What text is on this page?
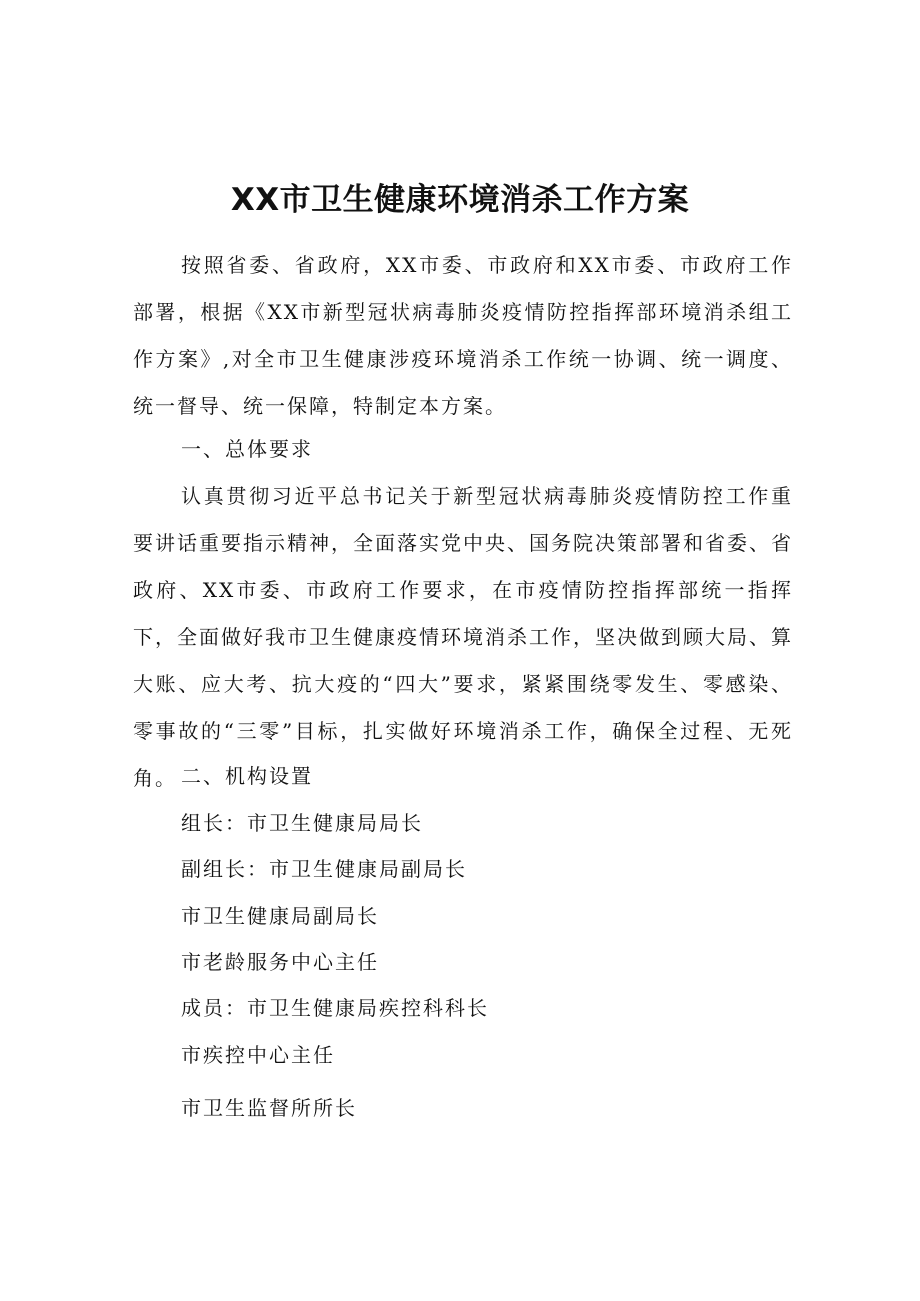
XX市卫生健康环境消杀工作方案

按照省委、省政府，XX市委、市政府和XX市委、市政府工作部署，根据《XX市新型冠状病毒肺炎疫情防控指挥部环境消杀组工作方案》,对全市卫生健康涉疫环境消杀工作统一协调、统一调度、统一督导、统一保障，特制定本方案。

一、总体要求

认真贯彻习近平总书记关于新型冠状病毒肺炎疫情防控工作重要讲话重要指示精神，全面落实党中央、国务院决策部署和省委、省政府、XX市委、市政府工作要求，在市疫情防控指挥部统一指挥下，全面做好我市卫生健康疫情环境消杀工作，坚决做到顾大局、算大账、应大考、抗大疫的“四大”要求，紧紧围绕零发生、零感染、零事故的“三零”目标，扎实做好环境消杀工作，确保全过程、无死角。 二、机构设置

组长：市卫生健康局局长

副组长：市卫生健康局副局长

市卫生健康局副局长

市老龄服务中心主任

成员：市卫生健康局疾控科科长

市疾控中心主任

市卫生监督所所长
